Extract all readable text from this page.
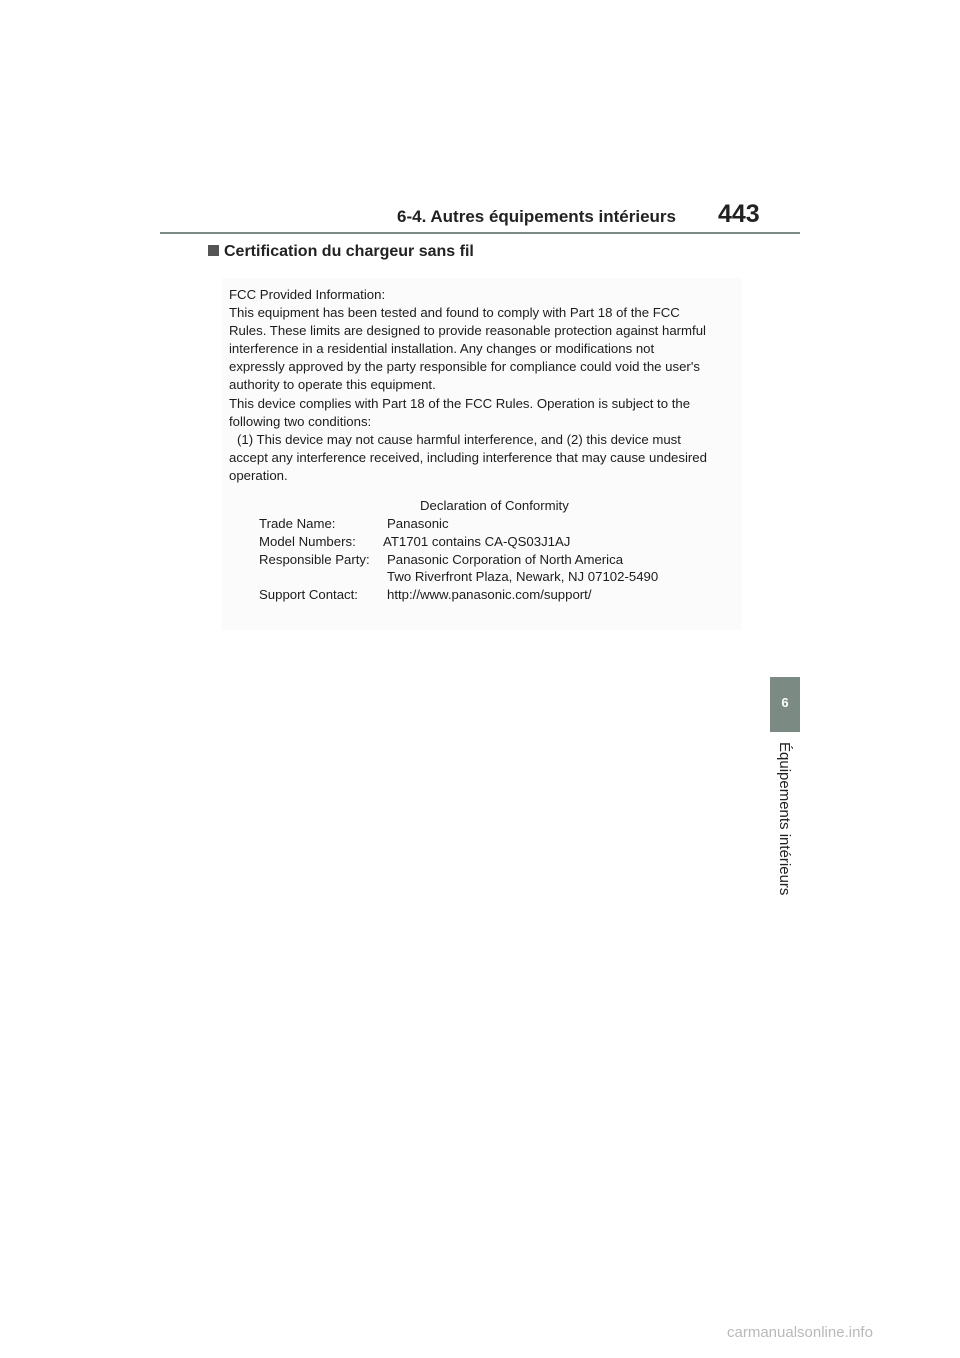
6-4. Autres équipements intérieurs 443
Certification du chargeur sans fil

FCC Provided Information:

This equipment has been tested and found to comply with Part 18 of the FCC

Rules. These limits are designed to provide reasonable protection against harmful

interference in a residential installation. Any changes or modifications not

expressly approved by the party responsible for compliance could void the user's

authority to operate this equipment.

This device complies with Part 18 of the FCC Rules. Operation is subject to the

following two conditions:

(1) This device may not cause harmful interference, and (2) this device must

accept any interference received, including interference that may cause undesired

operation.

Declaration of Conformity
Trade Name:	Panasonic
Model Numbers: AT1701 contains CA-QS03J1AJ
Responsible Party: Panasonic Corporation of North America
Two Riverfront Plaza, Newark, NJ 07102-5490
Support Contact: http://www.panasonic.com/support/
6
Équipements intérieurs
carmanualsonline.info
